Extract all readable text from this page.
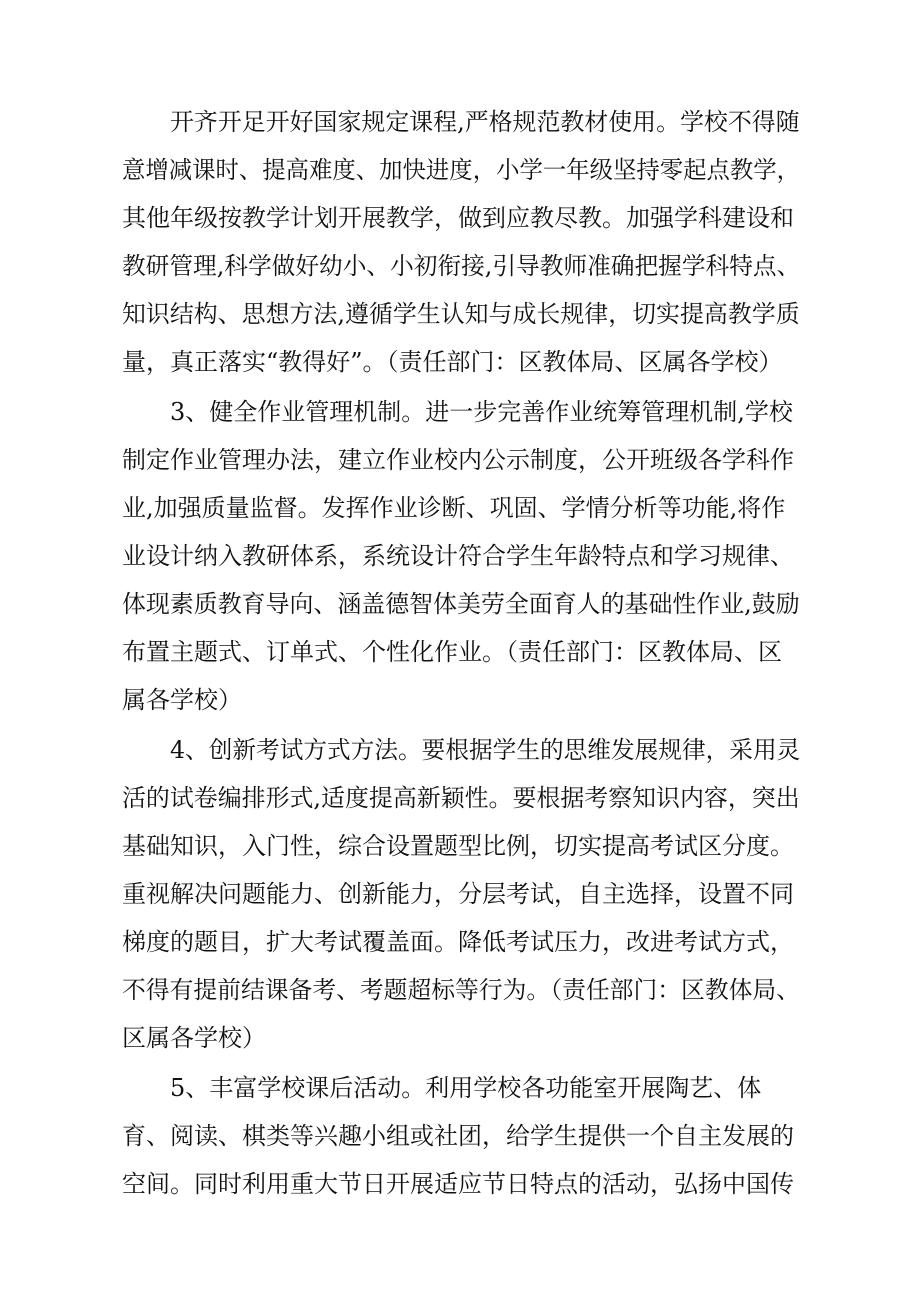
开齐开足开好国家规定课程,严格规范教材使用。学校不得随
意增减课时、提高难度、加快进度，小学一年级坚持零起点教学，
其他年级按教学计划开展教学，做到应教尽教。加强学科建设和
教研管理,科学做好幼小、小初衔接,引导教师准确把握学科特点、
知识结构、思想方法,遵循学生认知与成长规律，切实提高教学质
量，真正落实“教得好”。（责任部门：区教体局、区属各学校）
3、健全作业管理机制。进一步完善作业统筹管理机制,学校
制定作业管理办法，建立作业校内公示制度，公开班级各学科作
业,加强质量监督。发挥作业诊断、巩固、学情分析等功能,将作
业设计纳入教研体系，系统设计符合学生年龄特点和学习规律、
体现素质教育导向、涵盖德智体美劳全面育人的基础性作业,鼓励
布置主题式、订单式、个性化作业。（责任部门：区教体局、区
属各学校）
4、创新考试方式方法。要根据学生的思维发展规律，采用灵
活的试卷编排形式,适度提高新颖性。要根据考察知识内容，突出
基础知识，入门性，综合设置题型比例，切实提高考试区分度。
重视解决问题能力、创新能力，分层考试，自主选择，设置不同
梯度的题目，扩大考试覆盖面。降低考试压力，改进考试方式，
不得有提前结课备考、考题超标等行为。（责任部门：区教体局、
区属各学校）
5、丰富学校课后活动。利用学校各功能室开展陶艺、体
育、阅读、棋类等兴趣小组或社团，给学生提供一个自主发展的
空间。同时利用重大节日开展适应节日特点的活动，弘扬中国传
